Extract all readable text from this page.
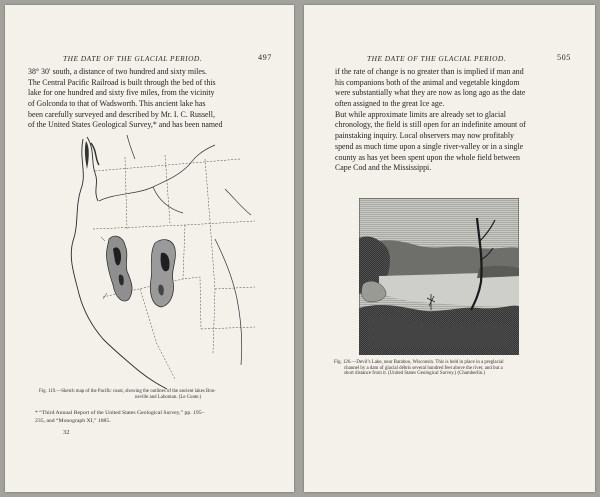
THE DATE OF THE GLACIAL PERIOD.	497
38° 30′ south, a distance of two hundred and sixty miles.
The Central Pacific Railroad is built through the bed of this
lake for one hundred and sixty five miles, from the vicinity
of Golconda to that of Wadsworth. This ancient lake has
been carefully surveyed and described by Mr. I. C. Russell,
of the United States Geological Survey,* and has been named
Fig. 119.—Sketch map of the Pacific coast, showing the outlines of the ancient lakes Bon-
neville and Lahontan. (Le Conte.)
* “Third Annual Report of the United States Geological Survey,” pp. 195–
235, and “Monograph XI,” 1885.
32
THE DATE OF THE GLACIAL PERIOD.	505
if the rate of change is no greater than is implied if man and
his companions both of the animal and vegetable kingdom
were substantially what they are now as long ago as the date
often assigned to the great Ice age.
But while approximate limits are already set to glacial
chronology, the field is still open for an indefinite amount of
painstaking inquiry. Local observers may now profitably
spend as much time upon a single river-valley or in a single
county as has yet been spent upon the whole field between
Cape Cod and the Mississippi.
Fig. 126.—Devil’s Lake, near Baraboo, Wisconsin. This is held in place in a preglacial
channel by a dam of glacial débris several hundred feet above the river, and but a
short distance from it. (United States Geological Survey.) (Chamberlin.)
